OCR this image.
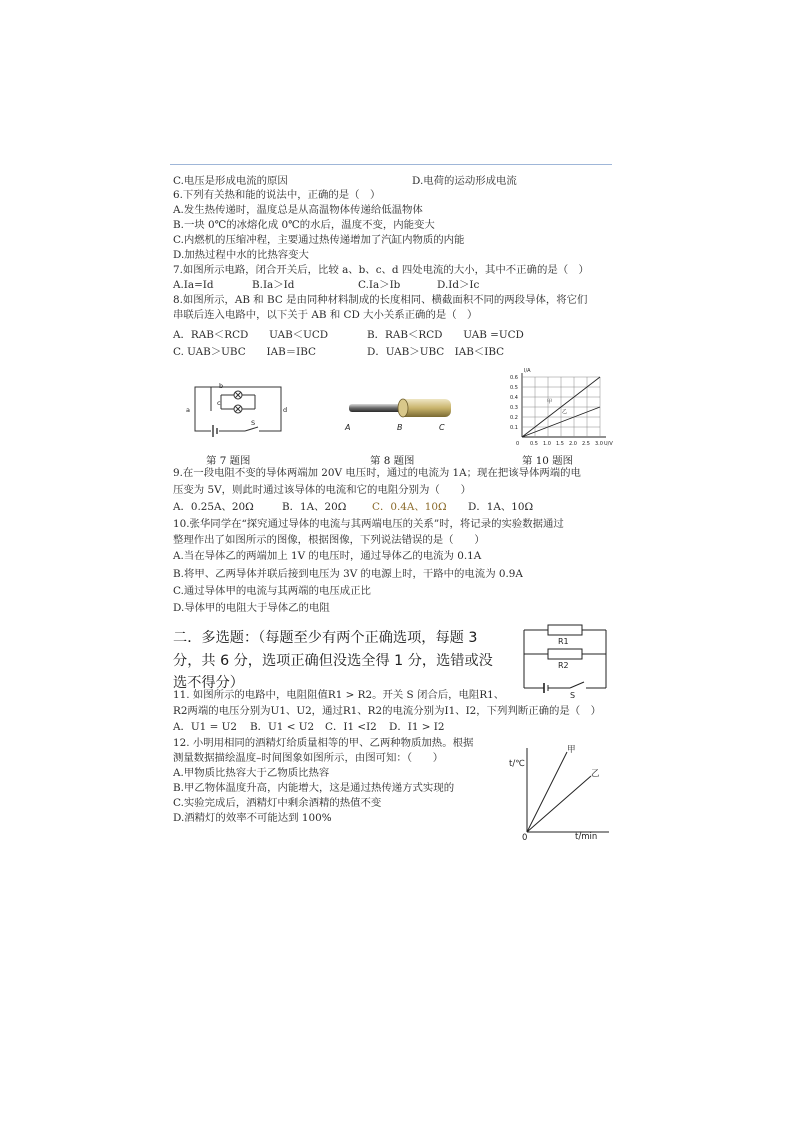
C.电压是形成电流的原因	D.电荷的运动形成电流
6.下列有关热和能的说法中，正确的是（　）
A.发生热传递时，温度总是从高温物体传递给低温物体
B.一块 0℃的冰熔化成 0℃的水后，温度不变，内能变大
C.内燃机的压缩冲程，主要通过热传递增加了汽缸内物质的内能
D.加热过程中水的比热容变大
7.如图所示电路，闭合开关后，比较 a、b、c、d 四处电流的大小，其中不正确的是（　）
A.Ia=Id	B.Ia＞Id	C.Ia＞Ib	D.Id＞Ic
8.如图所示，AB 和 BC 是由同种材料制成的长度相同、横截面积不同的两段导体，将它们
串联后连入电路中，以下关于 AB 和 CD 大小关系正确的是（　）
A．RAB＜RCD　　UAB＜UCD	B．RAB＜RCD　　UAB =UCD
C. UAB＞UBC　　IAB＝IBC	D．UAB＞UBC　IAB＜IBC
a
b
c
d
S	A	B	C
I/A
0.6
0.5
0.4
0.3
0.2
0.1
0 0.5 1.0 1.5 2.0 2.5 3.0 U/V
甲
乙
第 7 题图	第 8 题图	第 10 题图
9.在一段电阻不变的导体两端加 20V 电压时，通过的电流为 1A；现在把该导体两端的电
压变为 5V，则此时通过该导体的电流和它的电阻分别为（　　）
A．0.25A、20Ω	B．1A、20Ω C．0.4A、10Ω D．1A、10Ω
10.张华同学在“探究通过导体的电流与其两端电压的关系”时，将记录的实验数据通过
整理作出了如图所示的图像，根据图像，下列说法错误的是（　　）
A.当在导体乙的两端加上 1V 的电压时，通过导体乙的电流为 0.1A
B.将甲、乙两导体并联后接到电压为 3V 的电源上时，干路中的电流为 0.9A
C.通过导体甲的电流与其两端的电压成正比
D.导体甲的电阻大于导体乙的电阻
二．多选题：（每题至少有两个正确选项，每题 3
分，共 6 分，选项正确但没选全得 1 分，选错或没
选不得分）
R1
R2
S
11. 如图所示的电路中，电阻阻值R1 > R2。开关 S 闭合后，电阻R1、
R2两端的电压分别为U1、U2，通过R1、R2的电流分别为I1、I2，下列判断正确的是（　）
A．U1 = U2 B．U1 < U2 C．I1 <I2 D．I1 > I2
12. 小明用相同的酒精灯给质量相等的甲、乙两种物质加热。根据
测量数据描绘温度–时间图象如图所示，由图可知：（　　）
A.甲物质比热容大于乙物质比热容
B.甲乙物体温度升高，内能增大，这是通过热传递方式实现的
C.实验完成后，酒精灯中剩余酒精的热值不变
D.酒精灯的效率不可能达到 100%
t/℃
t/min
0
甲
乙
